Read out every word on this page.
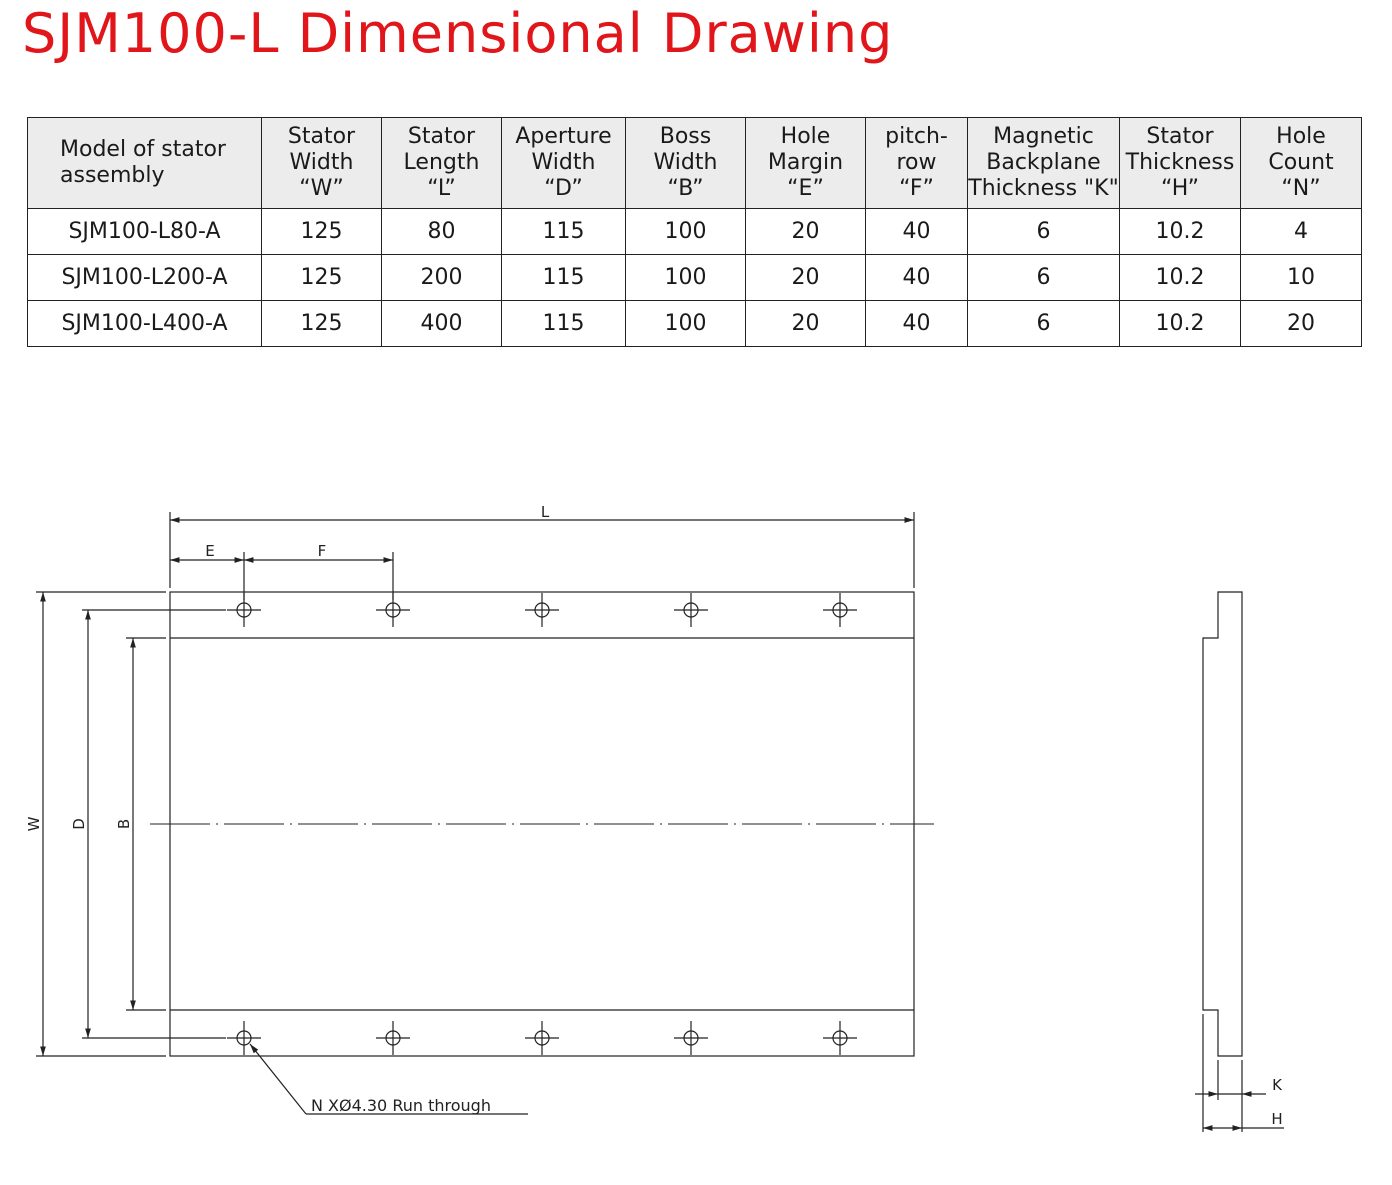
SJM100-L Dimensional Drawing
Model of stator
assembly	Stator
Width
“W”	Stator
Length
“L”	Aperture
Width
“D”	Boss
Width
“B”	Hole
Margin
“E”	pitch-
row
“F”	Magnetic
Backplane
Thickness "K"	Stator
Thickness
“H”	Hole
Count
“N”

SJM100-L80-A	125	80	115	100	20	40	6	10.2	4
SJM100-L200-A	125	200	115	100	20	40	6	10.2	10
SJM100-L400-A	125	400	115	100	20	40	6	10.2	20
L
E	F
W D B
K
H
N XØ4.30 Run through
